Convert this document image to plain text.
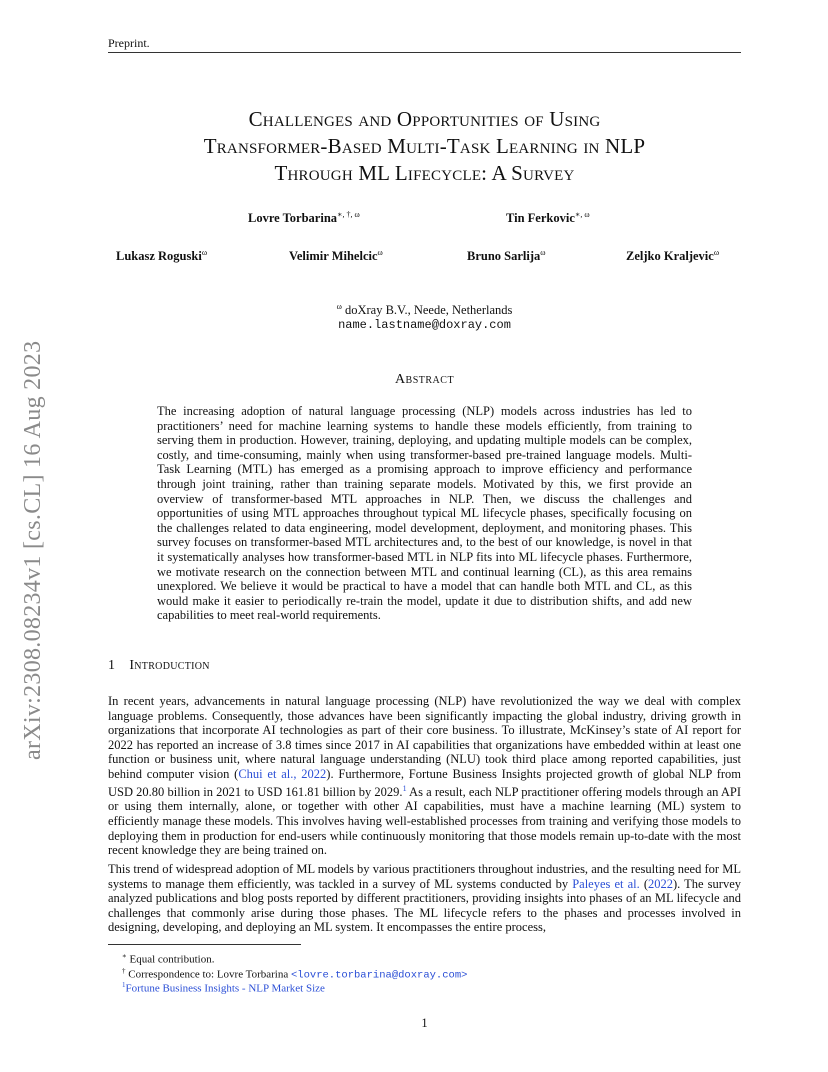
Preprint.
arXiv:2308.08234v1 [cs.CL] 16 Aug 2023
Challenges and Opportunities of Using
Transformer-Based Multi-Task Learning in NLP
Through ML Lifecycle: A Survey
Lovre Torbarina$^{∗, \dagger, \omega}$	Tin Ferkovic$^{∗, \omega}$
Lukasz Roguski$^\omega$	Velimir Mihelcic$^\omega$	Bruno Sarlija$^\omega$	Zeljko Kraljevic$^\omega$
$^\omega$ doXray B.V., Neede, Netherlands
name.lastname@doxray.com
Abstract

The increasing adoption of natural language processing (NLP) models across industries has led to practitioners’ need for machine learning systems to handle these models efficiently, from training to serving them in production. However, training, deploying, and updating multiple models can be complex, costly, and time-consuming, mainly when using transformer-based pre-trained language models. Multi-Task Learning (MTL) has emerged as a promising approach to improve efficiency and performance through joint training, rather than training separate models. Motivated by this, we first provide an overview of transformer-based MTL approaches in NLP. Then, we discuss the challenges and opportunities of using MTL approaches throughout typical ML lifecycle phases, specifically focusing on the challenges related to data engineering, model development, deployment, and monitoring phases. This survey focuses on transformer-based MTL architectures and, to the best of our knowledge, is novel in that it systematically analyses how transformer-based MTL in NLP fits into ML lifecycle phases. Furthermore, we motivate research on the connection between MTL and continual learning (CL), as this area remains unexplored. We believe it would be practical to have a model that can handle both MTL and CL, as this would make it easier to periodically re-train the model, update it due to distribution shifts, and add new capabilities to meet real-world requirements.

1 Introduction

In recent years, advancements in natural language processing (NLP) have revolutionized the way we deal with complex language problems. Consequently, those advances have been significantly impacting the global industry, driving growth in organizations that incorporate AI technologies as part of their core business. To illustrate, McKinsey’s state of AI report for 2022 has reported an increase of 3.8 times since 2017 in AI capabilities that organizations have embedded within at least one function or business unit, where natural language understanding (NLU) took third place among reported capabilities, just behind computer vision (Chui et al., 2022). Furthermore, Fortune Business Insights projected growth of global NLP from USD 20.80 billion in 2021 to USD 161.81 billion by 2029.$^1$ As a result, each NLP practitioner offering models through an API or using them internally, alone, or together with other AI capabilities, must have a machine learning (ML) system to efficiently manage these models. This involves having well-established processes from training and verifying those models to deploying them in production for end-users while continuously monitoring that those models remain up-to-date with the most recent knowledge they are being trained on.

This trend of widespread adoption of ML models by various practitioners throughout industries, and the resulting need for ML systems to manage them efficiently, was tackled in a survey of ML systems conducted by Paleyes et al. (2022). The survey analyzed publications and blog posts reported by different practitioners, providing insights into phases of an ML lifecycle and challenges that commonly arise during those phases. The ML lifecycle refers to the phases and processes involved in designing, developing, and deploying an ML system. It encompasses the entire process,

∗ Equal contribution.
† Correspondence to: Lovre Torbarina <lovre.torbarina@doxray.com>
$^1$Fortune Business Insights - NLP Market Size
1
